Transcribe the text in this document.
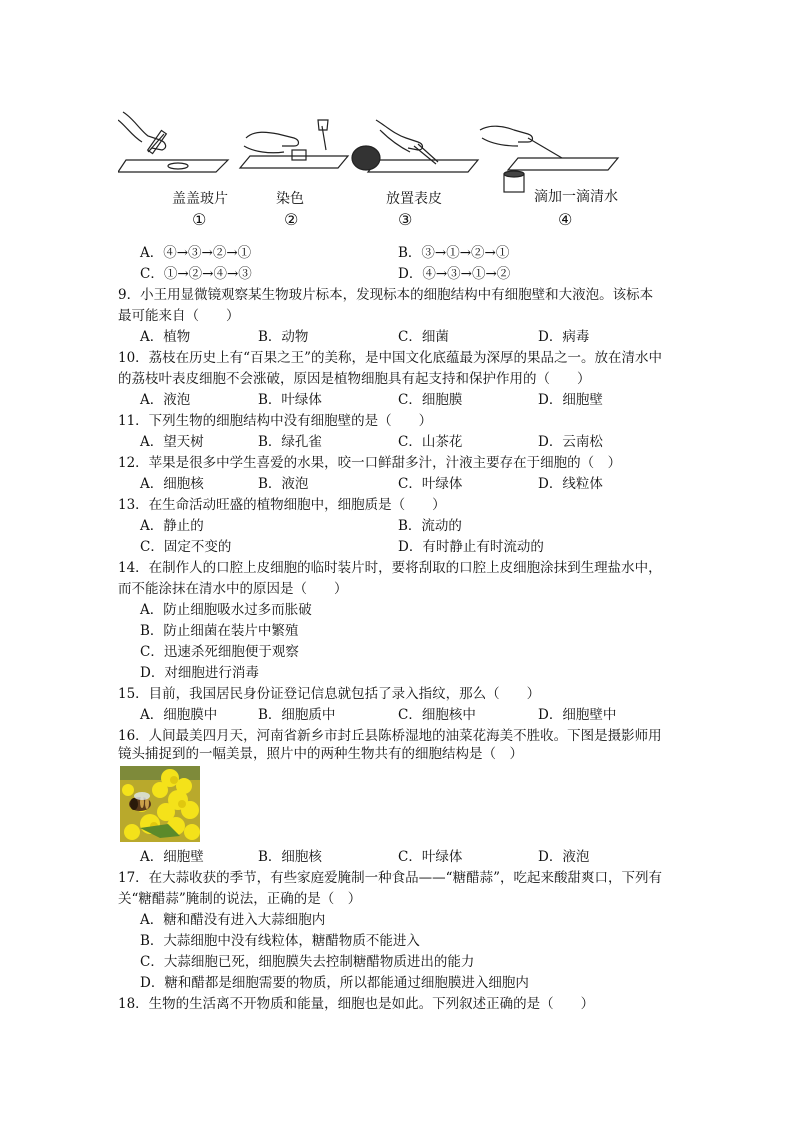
盖盖玻片
①
染色
②
放置表皮
③
滴加一滴清水
④
A．④→③→②→①	B．③→①→②→①
C．①→②→④→③	D．④→③→①→②
9．小王用显微镜观察某生物玻片标本，发现标本的细胞结构中有细胞壁和大液泡。该标本
最可能来自（　　）
A．植物	B．动物	C．细菌	D．病毒
10．荔枝在历史上有“百果之王”的美称，是中国文化底蕴最为深厚的果品之一。放在清水中
的荔枝叶表皮细胞不会涨破，原因是植物细胞具有起支持和保护作用的（　　）
A．液泡	B．叶绿体	C．细胞膜	D．细胞壁
11．下列生物的细胞结构中没有细胞壁的是（　　）
A．望天树	B．绿孔雀	C．山茶花	D．云南松
12．苹果是很多中学生喜爱的水果，咬一口鲜甜多汁，汁液主要存在于细胞的（　）
A．细胞核	B．液泡	C．叶绿体	D．线粒体
13．在生命活动旺盛的植物细胞中，细胞质是（　　）
A．静止的	B．流动的
C．固定不变的	D．有时静止有时流动的
14．在制作人的口腔上皮细胞的临时装片时，要将刮取的口腔上皮细胞涂抹到生理盐水中，
而不能涂抹在清水中的原因是（　　）
A．防止细胞吸水过多而胀破
B．防止细菌在装片中繁殖
C．迅速杀死细胞便于观察
D．对细胞进行消毒
15．目前，我国居民身份证登记信息就包括了录入指纹，那么（　　）
A．细胞膜中	B．细胞质中	C．细胞核中	D．细胞壁中
16．人间最美四月天，河南省新乡市封丘县陈桥湿地的油菜花海美不胜收。下图是摄影师用
镜头捕捉到的一幅美景，照片中的两种生物共有的细胞结构是（　）
A．细胞壁	B．细胞核	C．叶绿体	D．液泡
17．在大蒜收获的季节，有些家庭爱腌制一种食品——“糖醋蒜”，吃起来酸甜爽口，下列有
关“糖醋蒜”腌制的说法，正确的是（　）
A．糖和醋没有进入大蒜细胞内
B．大蒜细胞中没有线粒体，糖醋物质不能进入
C．大蒜细胞已死，细胞膜失去控制糖醋物质进出的能力
D．糖和醋都是细胞需要的物质，所以都能通过细胞膜进入细胞内
18．生物的生活离不开物质和能量，细胞也是如此。下列叙述正确的是（　　）
